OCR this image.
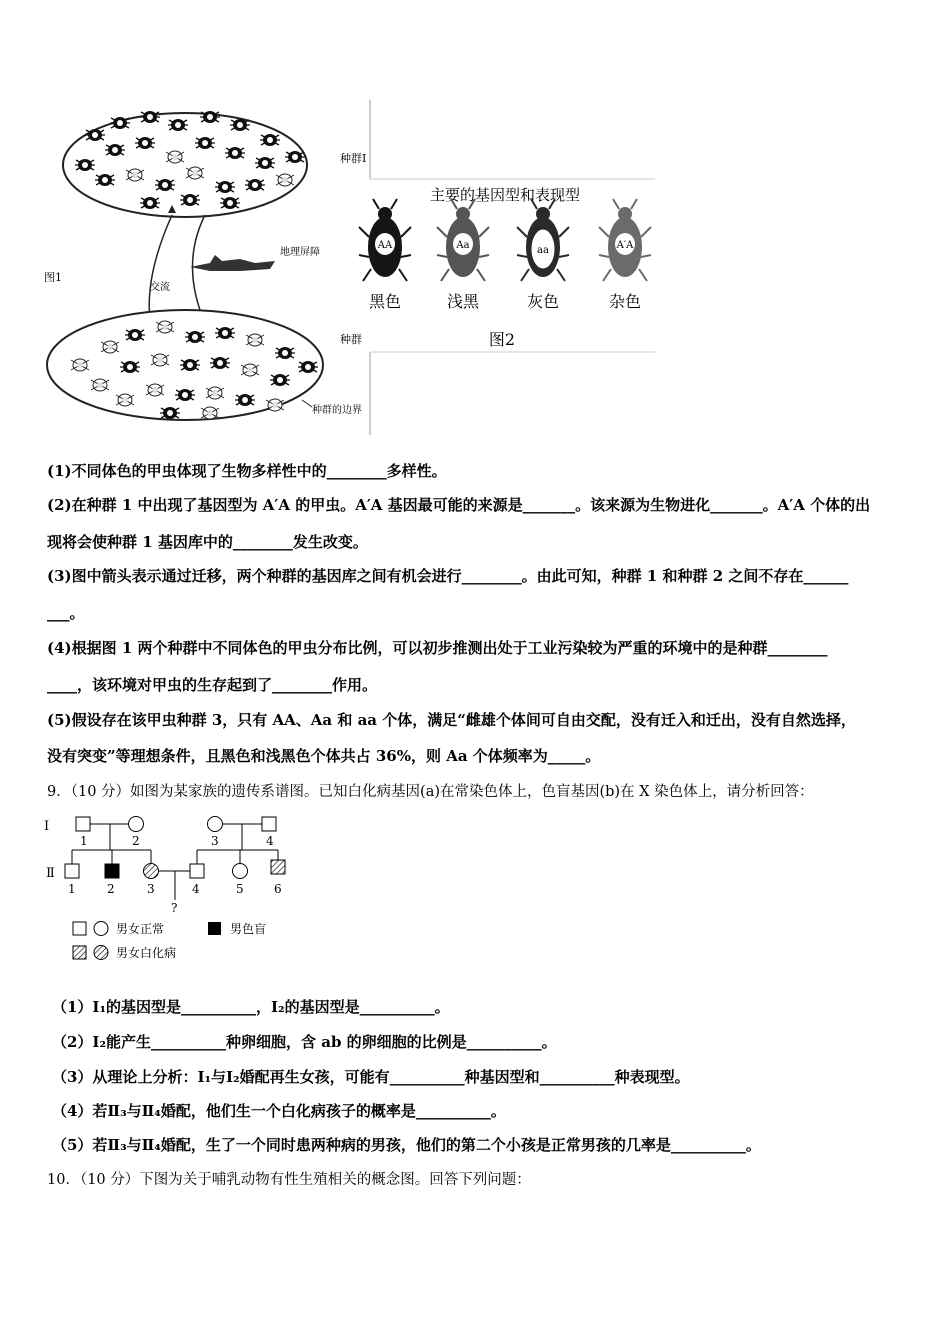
种群Ⅰ
交流
地理屏障
图1
种群
种群的边界
主要的基因型和表现型
AA
黑色
Aa
浅黑
aa
灰色
A′A
杂色
图2
(1)不同体色的甲虫体现了生物多样性中的________多样性。
(2)在种群 1 中出现了基因型为 A′A 的甲虫。A′A 基因最可能的来源是_______。该来源为生物进化_______。A′A 个体的出
现将会使种群 1 基因库中的________发生改变。
(3)图中箭头表示通过迁移，两个种群的基因库之间有机会进行________。由此可知，种群 1 和种群 2 之间不存在______
___。
(4)根据图 1 两个种群中不同体色的甲虫分布比例，可以初步推测出处于工业污染较为严重的环境中的是种群________
____，该环境对甲虫的生存起到了________作用。
(5)假设存在该甲虫种群 3，只有 AA、Aa 和 aa 个体，满足“雌雄个体间可自由交配，没有迁入和迁出，没有自然选择，
没有突变”等理想条件，且黑色和浅黑色个体共占 36%，则 Aa 个体频率为_____。
9．（10 分）如图为某家族的遗传系谱图。已知白化病基因(a)在常染色体上，色盲基因(b)在 X 染色体上，请分析回答：
Ⅰ
Ⅱ
1	2	3	4
1	2	3	4	5	6
?
男女正常	男色盲
男女白化病
（1）Ⅰ₁的基因型是__________，Ⅰ₂的基因型是__________。
（2）Ⅰ₂能产生__________种卵细胞，含 ab 的卵细胞的比例是__________。
（3）从理论上分析：Ⅰ₁与Ⅰ₂婚配再生女孩，可能有__________种基因型和__________种表现型。
（4）若Ⅱ₃与Ⅱ₄婚配，他们生一个白化病孩子的概率是__________。
（5）若Ⅱ₃与Ⅱ₄婚配，生了一个同时患两种病的男孩，他们的第二个小孩是正常男孩的几率是__________。
10．（10 分）下图为关于哺乳动物有性生殖相关的概念图。回答下列问题：
